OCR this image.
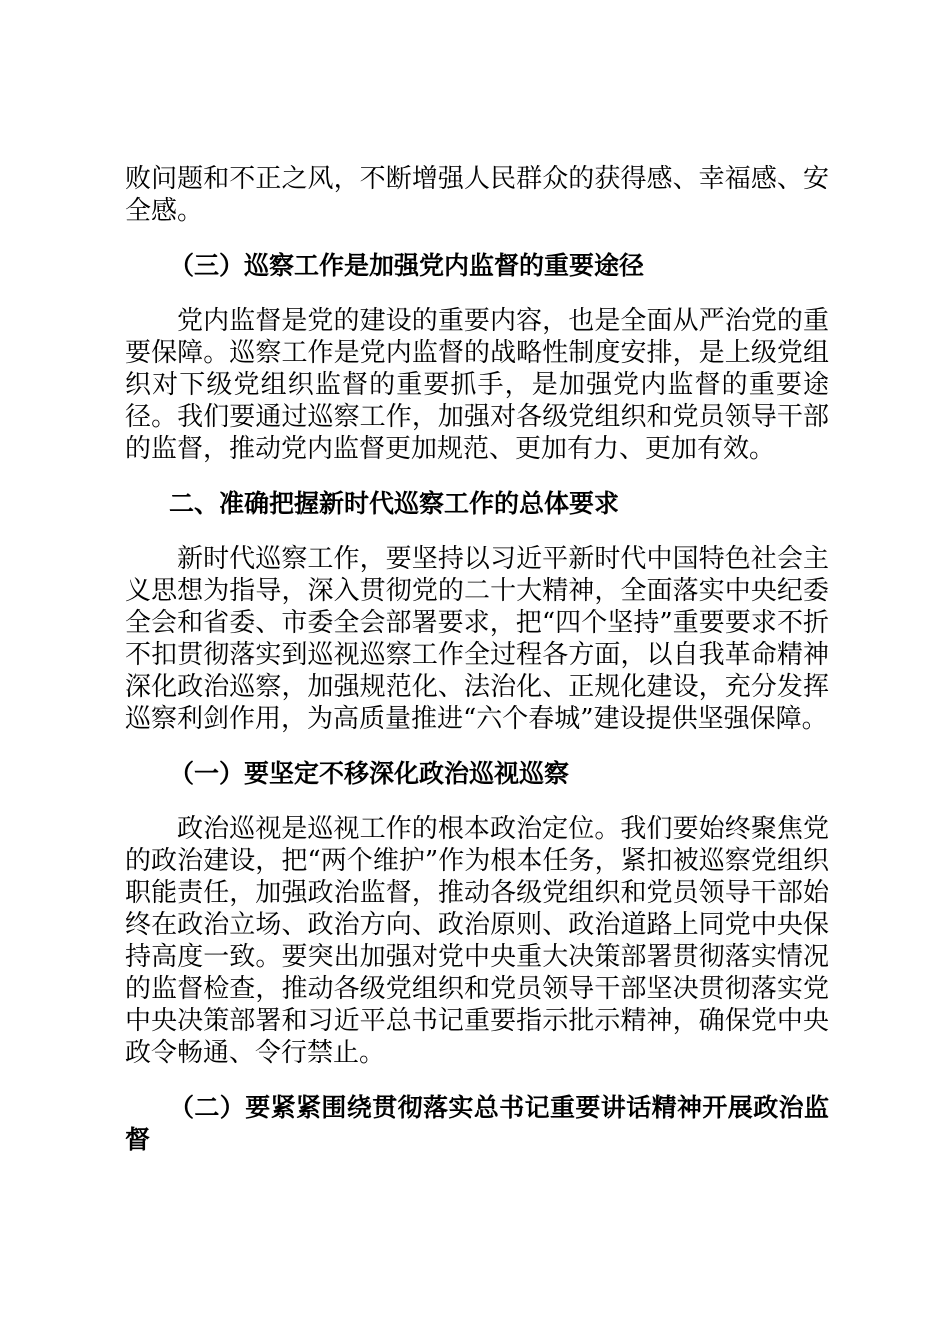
败问题和不正之风，不断增强人民群众的获得感、幸福感、安全感。

（三）巡察工作是加强党内监督的重要途径

党内监督是党的建设的重要内容，也是全面从严治党的重要保障。巡察工作是党内监督的战略性制度安排，是上级党组织对下级党组织监督的重要抓手，是加强党内监督的重要途径。我们要通过巡察工作，加强对各级党组织和党员领导干部的监督，推动党内监督更加规范、更加有力、更加有效。

二、准确把握新时代巡察工作的总体要求

新时代巡察工作，要坚持以习近平新时代中国特色社会主义思想为指导，深入贯彻党的二十大精神，全面落实中央纪委全会和省委、市委全会部署要求，把“四个坚持”重要要求不折不扣贯彻落实到巡视巡察工作全过程各方面，以自我革命精神深化政治巡察，加强规范化、法治化、正规化建设，充分发挥巡察利剑作用，为高质量推进“六个春城”建设提供坚强保障。

（一）要坚定不移深化政治巡视巡察

政治巡视是巡视工作的根本政治定位。我们要始终聚焦党的政治建设，把“两个维护”作为根本任务，紧扣被巡察党组织职能责任，加强政治监督，推动各级党组织和党员领导干部始终在政治立场、政治方向、政治原则、政治道路上同党中央保持高度一致。要突出加强对党中央重大决策部署贯彻落实情况的监督检查，推动各级党组织和党员领导干部坚决贯彻落实党中央决策部署和习近平总书记重要指示批示精神，确保党中央政令畅通、令行禁止。

（二）要紧紧围绕贯彻落实总书记重要讲话精神开展政治监督
